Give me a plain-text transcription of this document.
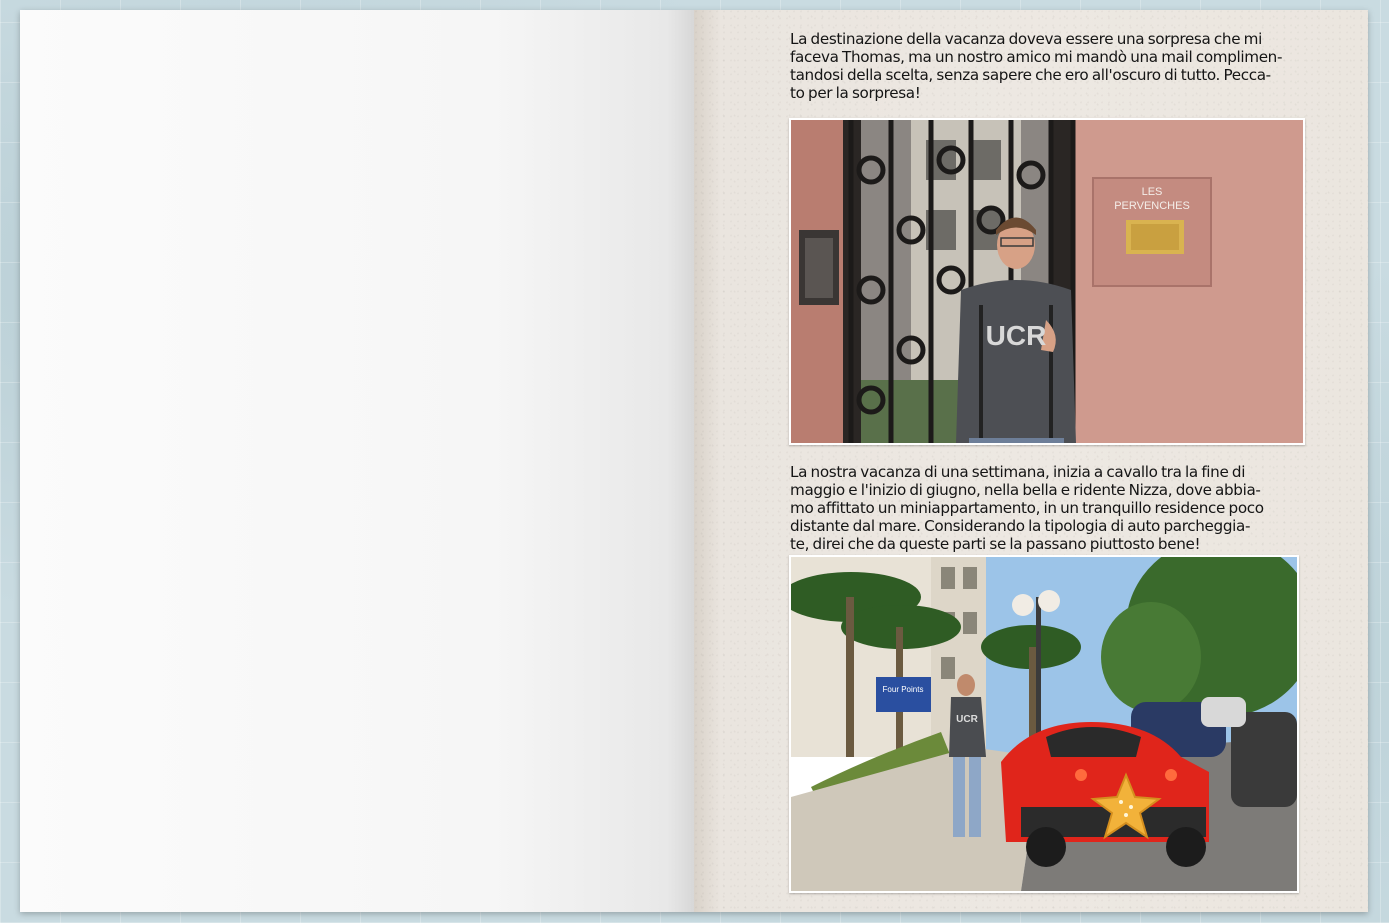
La destinazione della vacanza doveva essere una sorpresa che mi
faceva Thomas, ma un nostro amico mi mandò una mail complimen-
tandosi della scelta, senza sapere che ero all'oscuro di tutto. Pecca-
to per la sorpresa!

LES
PERVENCHES
UCR

La nostra vacanza di una settimana, inizia a cavallo tra la fine di
maggio e l'inizio di giugno, nella bella e ridente Nizza, dove abbia-
mo affittato un miniappartamento, in un tranquillo residence poco
distante dal mare. Considerando la tipologia di auto parcheggia-
te, direi che da queste parti se la passano piuttosto bene!

Four Points
UCR
